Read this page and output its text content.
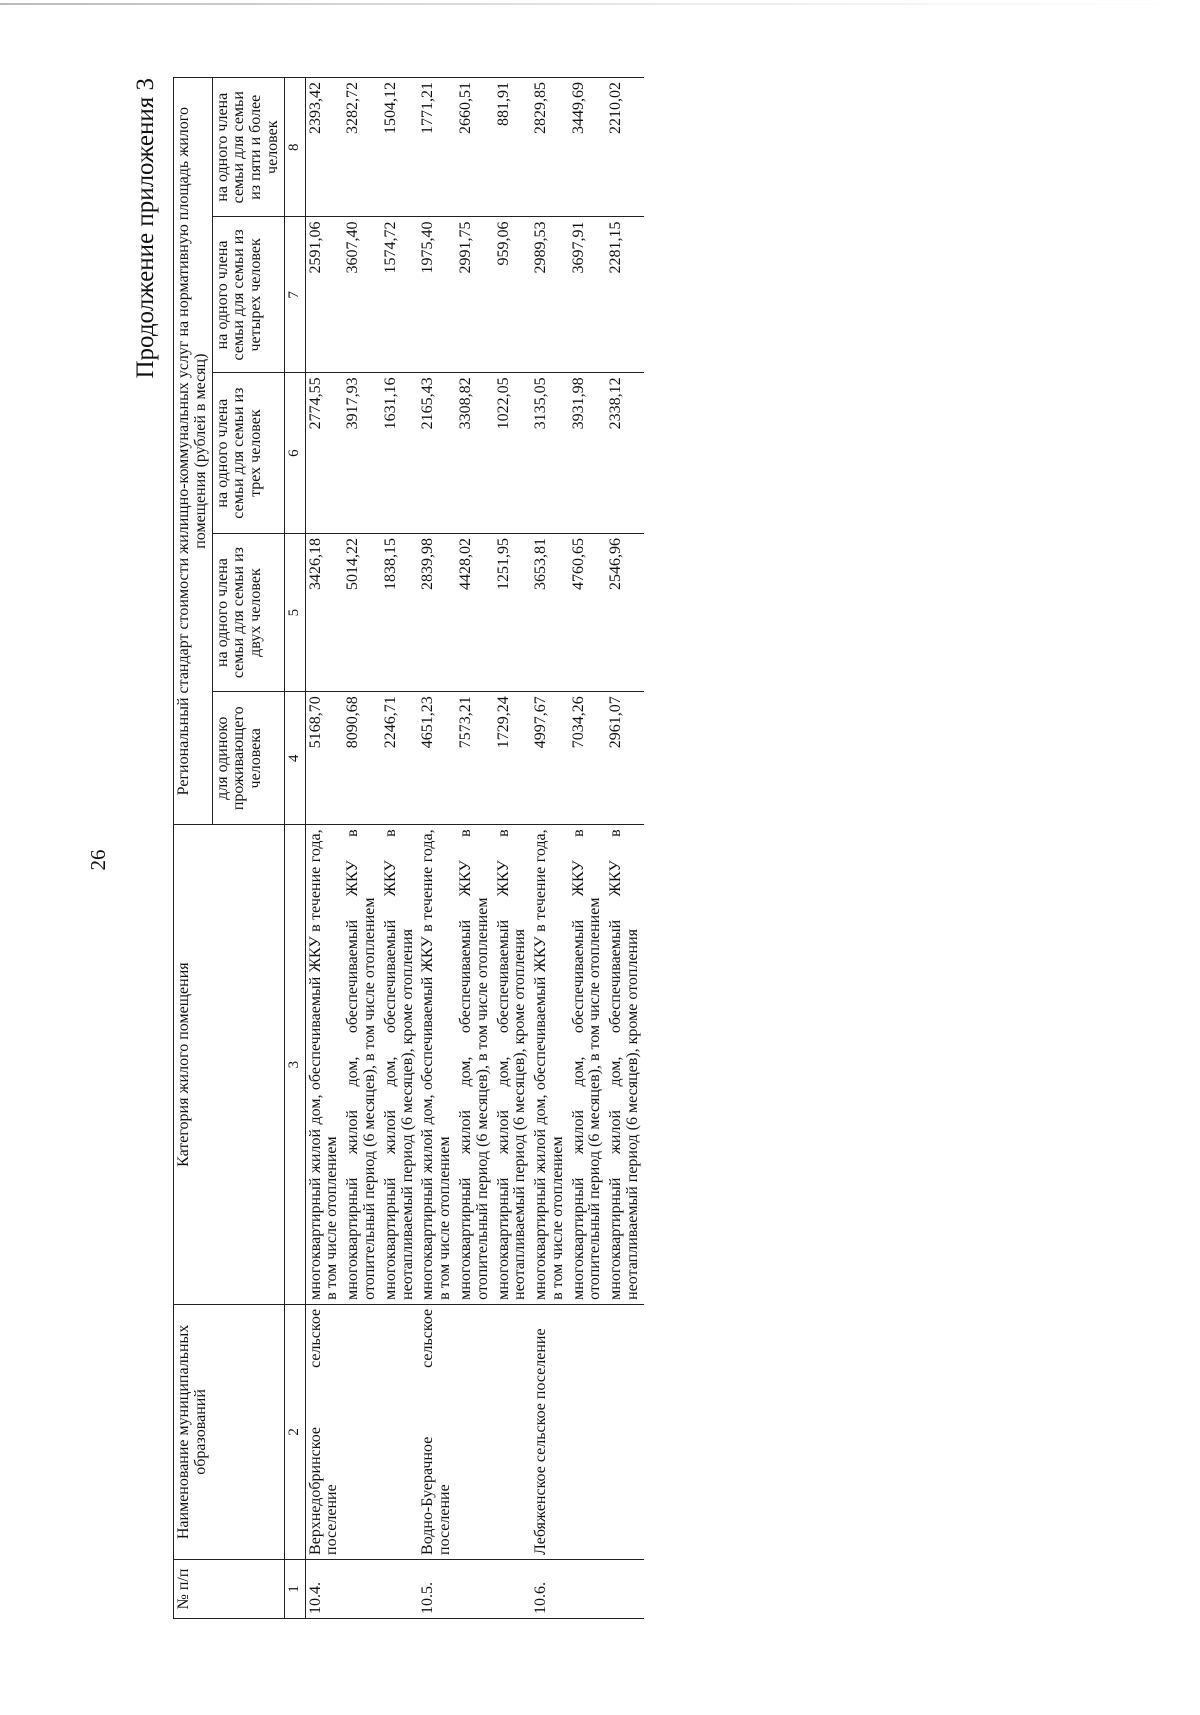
26
Продолжение приложения 3
№ п/п	Наименование муниципальных образований	Категория жилого помещения	Региональный стандарт стоимости жилищно-коммунальных услуг на нормативную площадь жилого помещения (рублей в месяц)				
			для одиноко проживающего человека	на одного члена семьи для семьи из двух человек	на одного члена семьи для семьи из трех человек	на одного члена семьи для семьи из четырех человек	на одного члена семьи для семьи из пяти и более человек
1	2	3	4	5	6	7	8
10.4.	Верхнедобринское сельское поселение	многоквартирный жилой дом, обеспечиваемый ЖКУ в течение года, в том числе отоплением	5168,70	3426,18	2774,55	2591,06	2393,42
		многоквартирный жилой дом, обеспечиваемый ЖКУ в отопительный период (6 месяцев), в том числе отоплением	8090,68	5014,22	3917,93	3607,40	3282,72
		многоквартирный жилой дом, обеспечиваемый ЖКУ в неотапливаемый период (6 месяцев), кроме отопления	2246,71	1838,15	1631,16	1574,72	1504,12
10.5.	Водно-Буерачное сельское поселение	многоквартирный жилой дом, обеспечиваемый ЖКУ в течение года, в том числе отоплением	4651,23	2839,98	2165,43	1975,40	1771,21
		многоквартирный жилой дом, обеспечиваемый ЖКУ в отопительный период (6 месяцев), в том числе отоплением	7573,21	4428,02	3308,82	2991,75	2660,51
		многоквартирный жилой дом, обеспечиваемый ЖКУ в неотапливаемый период (6 месяцев), кроме отопления	1729,24	1251,95	1022,05	959,06	881,91
10.6.	Лебяженское сельское поселение	многоквартирный жилой дом, обеспечиваемый ЖКУ в течение года, в том числе отоплением	4997,67	3653,81	3135,05	2989,53	2829,85
		многоквартирный жилой дом, обеспечиваемый ЖКУ в отопительный период (6 месяцев), в том числе отоплением	7034,26	4760,65	3931,98	3697,91	3449,69
		многоквартирный жилой дом, обеспечиваемый ЖКУ в неотапливаемый период (6 месяцев), кроме отопления	2961,07	2546,96	2338,12	2281,15	2210,02
